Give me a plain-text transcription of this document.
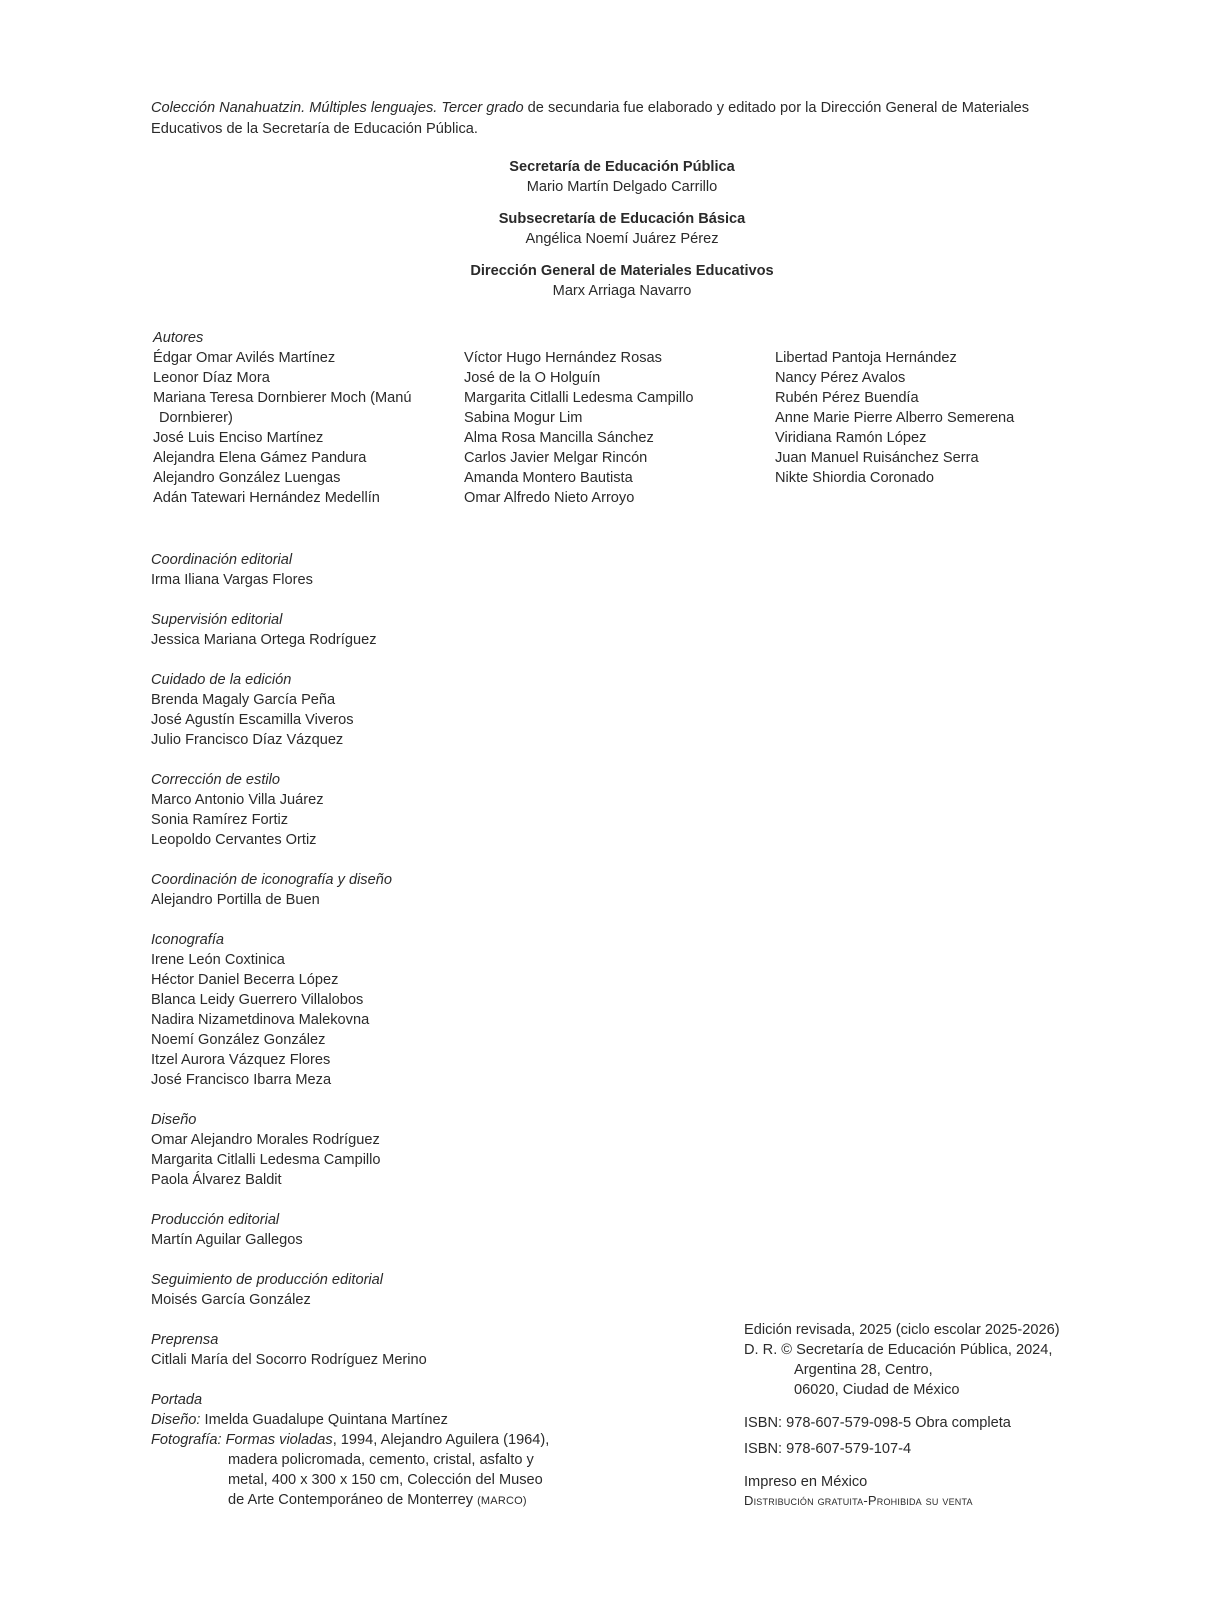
Colección Nanahuatzin. Múltiples lenguajes. Tercer grado de secundaria fue elaborado y editado por la Dirección General de Materiales Educativos de la Secretaría de Educación Pública.
Secretaría de Educación Pública
Mario Martín Delgado Carrillo
Subsecretaría de Educación Básica
Angélica Noemí Juárez Pérez
Dirección General de Materiales Educativos
Marx Arriaga Navarro
Autores
Édgar Omar Avilés Martínez
Leonor Díaz Mora
Mariana Teresa Dornbierer Moch (Manú
Dornbierer)
José Luis Enciso Martínez
Alejandra Elena Gámez Pandura
Alejandro González Luengas
Adán Tatewari Hernández Medellín
Víctor Hugo Hernández Rosas
José de la O Holguín
Margarita Citlalli Ledesma Campillo
Sabina Mogur Lim
Alma Rosa Mancilla Sánchez
Carlos Javier Melgar Rincón
Amanda Montero Bautista
Omar Alfredo Nieto Arroyo
Libertad Pantoja Hernández
Nancy Pérez Avalos
Rubén Pérez Buendía
Anne Marie Pierre Alberro Semerena
Viridiana Ramón López
Juan Manuel Ruisánchez Serra
Nikte Shiordia Coronado
Coordinación editorial
Irma Iliana Vargas Flores
Supervisión editorial
Jessica Mariana Ortega Rodríguez
Cuidado de la edición
Brenda Magaly García Peña
José Agustín Escamilla Viveros
Julio Francisco Díaz Vázquez
Corrección de estilo
Marco Antonio Villa Juárez
Sonia Ramírez Fortiz
Leopoldo Cervantes Ortiz
Coordinación de iconografía y diseño
Alejandro Portilla de Buen
Iconografía
Irene León Coxtinica
Héctor Daniel Becerra López
Blanca Leidy Guerrero Villalobos
Nadira Nizametdinova Malekovna
Noemí González González
Itzel Aurora Vázquez Flores
José Francisco Ibarra Meza
Diseño
Omar Alejandro Morales Rodríguez
Margarita Citlalli Ledesma Campillo
Paola Álvarez Baldit
Producción editorial
Martín Aguilar Gallegos
Seguimiento de producción editorial
Moisés García González
Preprensa
Citlali María del Socorro Rodríguez Merino
Portada
Diseño: Imelda Guadalupe Quintana Martínez
Fotografía: Formas violadas, 1994, Alejandro Aguilera (1964),
madera policromada, cemento, cristal, asfalto y
metal, 400 x 300 x 150 cm, Colección del Museo
de Arte Contemporáneo de Monterrey (MARCO)
Edición revisada, 2025 (ciclo escolar 2025-2026)
D. R. © Secretaría de Educación Pública, 2024,
Argentina 28, Centro,
06020, Ciudad de México
ISBN: 978-607-579-098-5 Obra completa
ISBN: 978-607-579-107-4
Impreso en México
Distribución gratuita-Prohibida su venta
